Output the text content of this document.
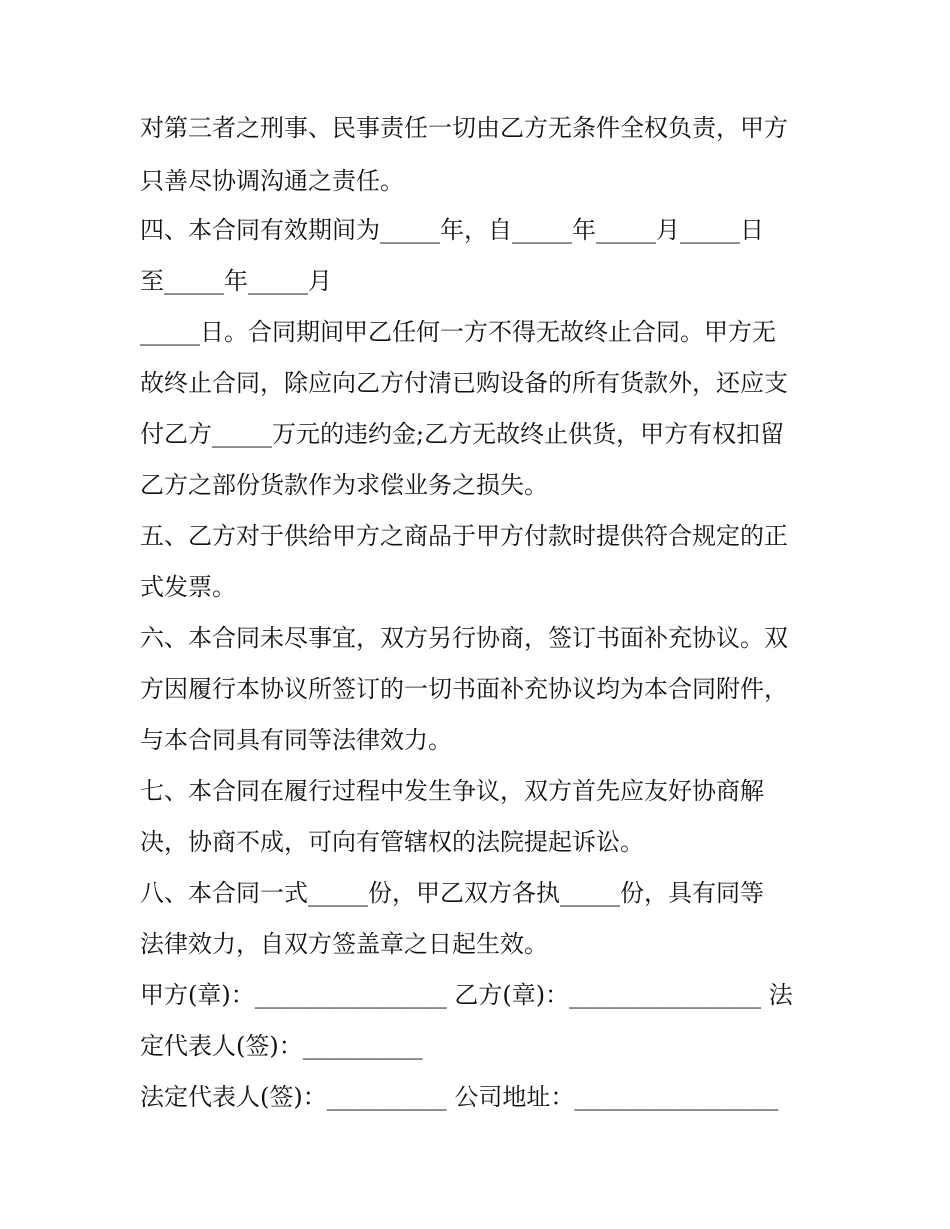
对第三者之刑事、民事责任一切由乙方无条件全权负责，甲方
只善尽协调沟通之责任。
四、本合同有效期间为_____年，自_____年_____月_____日
至_____年_____月
_____日。合同期间甲乙任何一方不得无故终止合同。甲方无
故终止合同，除应向乙方付清已购设备的所有货款外，还应支
付乙方_____万元的违约金;乙方无故终止供货，甲方有权扣留
乙方之部份货款作为求偿业务之损失。
五、乙方对于供给甲方之商品于甲方付款时提供符合规定的正
式发票。
六、本合同未尽事宜，双方另行协商，签订书面补充协议。双
方因履行本协议所签订的一切书面补充协议均为本合同附件，
与本合同具有同等法律效力。
七、本合同在履行过程中发生争议，双方首先应友好协商解
决，协商不成，可向有管辖权的法院提起诉讼。
八、本合同一式_____份，甲乙双方各执_____份，具有同等
法律效力，自双方签盖章之日起生效。
甲方(章)：________________ 乙方(章)：________________ 法
定代表人(签)：__________
法定代表人(签)：__________ 公司地址：_________________
